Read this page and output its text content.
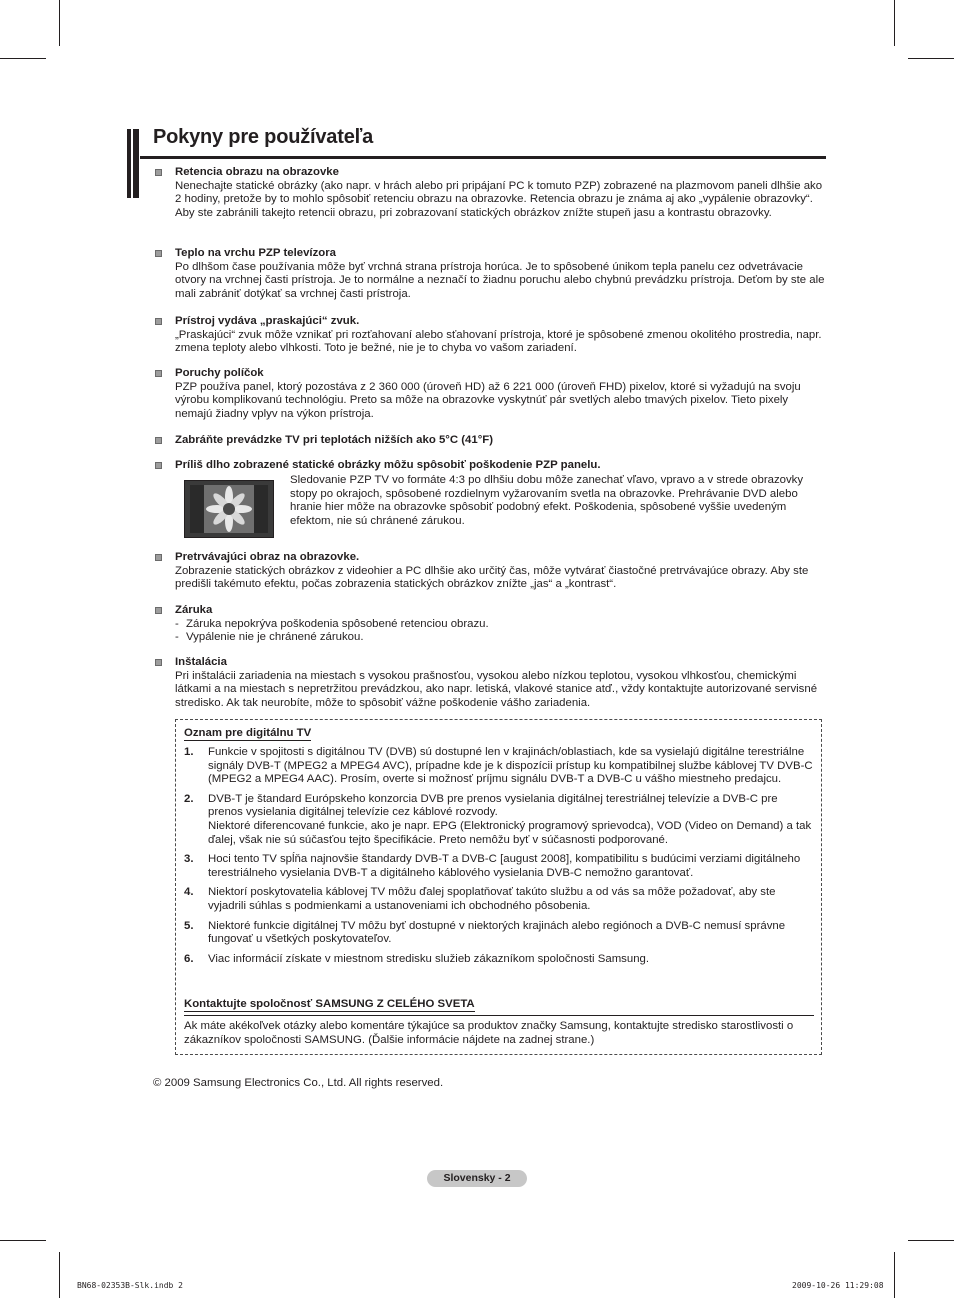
Pokyny pre používateľa
Retencia obrazu na obrazovke
Nenechajte statické obrázky (ako napr. v hrách alebo pri pripájaní PC k tomuto PZP) zobrazené na plazmovom paneli dlhšie ako 2 hodiny, pretože by to mohlo spôsobiť retenciu obrazu na obrazovke. Retencia obrazu je známa aj ako „vypálenie obrazovky“. Aby ste zabránili takejto retencii obrazu, pri zobrazovaní statických obrázkov znížte stupeň jasu a kontrastu obrazovky.
Teplo na vrchu PZP televízora
Po dlhšom čase používania môže byť vrchná strana prístroja horúca. Je to spôsobené únikom tepla panelu cez odvetrávacie otvory na vrchnej časti prístroja. Je to normálne a neznačí to žiadnu poruchu alebo chybnú prevádzku prístroja. Deťom by ste ale mali zabrániť dotýkať sa vrchnej časti prístroja.
Prístroj vydáva „praskajúci“ zvuk.
„Praskajúci“ zvuk môže vznikať pri rozťahovaní alebo sťahovaní prístroja, ktoré je spôsobené zmenou okolitého prostredia, napr. zmena teploty alebo vlhkosti. Toto je bežné, nie je to chyba vo vašom zariadení.
Poruchy políčok
PZP používa panel, ktorý pozostáva z 2 360 000 (úroveň HD) až 6 221 000 (úroveň FHD) pixelov, ktoré si vyžadujú na svoju výrobu komplikovanú technológiu. Preto sa môže na obrazovke vyskytnúť pár svetlých alebo tmavých pixelov. Tieto pixely nemajú žiadny vplyv na výkon prístroja.
Zabráňte prevádzke TV pri teplotách nižších ako 5°C (41°F)
Príliš dlho zobrazené statické obrázky môžu spôsobiť poškodenie PZP panelu.
Sledovanie PZP TV vo formáte 4:3 po dlhšiu dobu môže zanechať vľavo, vpravo a v strede obrazovky stopy po okrajoch, spôsobené rozdielnym vyžarovaním svetla na obrazovke. Prehrávanie DVD alebo hranie hier môže na obrazovke spôsobiť podobný efekt. Poškodenia, spôsobené vyššie uvedeným efektom, nie sú chránené zárukou.
Pretrvávajúci obraz na obrazovke.
Zobrazenie statických obrázkov z videohier a PC dlhšie ako určitý čas, môže vytvárať čiastočné pretrvávajúce obrazy. Aby ste predišli takémuto efektu, počas zobrazenia statických obrázkov znížte „jas“ a „kontrast“.
Záruka
- Záruka nepokrýva poškodenia spôsobené retenciou obrazu.
- Vypálenie nie je chránené zárukou.
Inštalácia
Pri inštalácii zariadenia na miestach s vysokou prašnosťou, vysokou alebo nízkou teplotou, vysokou vlhkosťou, chemickými látkami a na miestach s nepretržitou prevádzkou, ako napr. letiská, vlakové stanice atď., vždy kontaktujte autorizované servisné stredisko. Ak tak neurobíte, môže to spôsobiť vážne poškodenie vášho zariadenia.
Oznam pre digitálnu TV
1. Funkcie v spojitosti s digitálnou TV (DVB) sú dostupné len v krajinách/oblastiach, kde sa vysielajú digitálne terestriálne signály DVB-T (MPEG2 a MPEG4 AVC), prípadne kde je k dispozícii prístup ku kompatibilnej službe káblovej TV DVB-C (MPEG2 a MPEG4 AAC). Prosím, overte si možnosť príjmu signálu DVB-T a DVB-C u vášho miestneho predajcu.
2. DVB-T je štandard Európskeho konzorcia DVB pre prenos vysielania digitálnej terestriálnej televízie a DVB-C pre prenos vysielania digitálnej televízie cez káblové rozvody.
Niektoré diferencované funkcie, ako je napr. EPG (Elektronický programový sprievodca), VOD (Video on Demand) a tak ďalej, však nie sú súčasťou tejto špecifikácie. Preto nemôžu byť v súčasnosti podporované.
3. Hoci tento TV spĺňa najnovšie štandardy DVB-T a DVB-C [august 2008], kompatibilitu s budúcimi verziami digitálneho terestriálneho vysielania DVB-T a digitálneho káblového vysielania DVB-C nemožno garantovať.
4. Niektorí poskytovatelia káblovej TV môžu ďalej spoplatňovať takúto službu a od vás sa môže požadovať, aby ste vyjadrili súhlas s podmienkami a ustanoveniami ich obchodného pôsobenia.
5. Niektoré funkcie digitálnej TV môžu byť dostupné v niektorých krajinách alebo regiónoch a DVB-C nemusí správne fungovať u všetkých poskytovateľov.
6. Viac informácií získate v miestnom stredisku služieb zákazníkom spoločnosti Samsung.
Kontaktujte spoločnosť SAMSUNG Z CELÉHO SVETA
Ak máte akékoľvek otázky alebo komentáre týkajúce sa produktov značky Samsung, kontaktujte stredisko starostlivosti o zákazníkov spoločnosti SAMSUNG. (Ďalšie informácie nájdete na zadnej strane.)
© 2009 Samsung Electronics Co., Ltd. All rights reserved.
Slovensky - 2
BN68-02353B-Slk.indb 2	2009-10-26 11:29:08
